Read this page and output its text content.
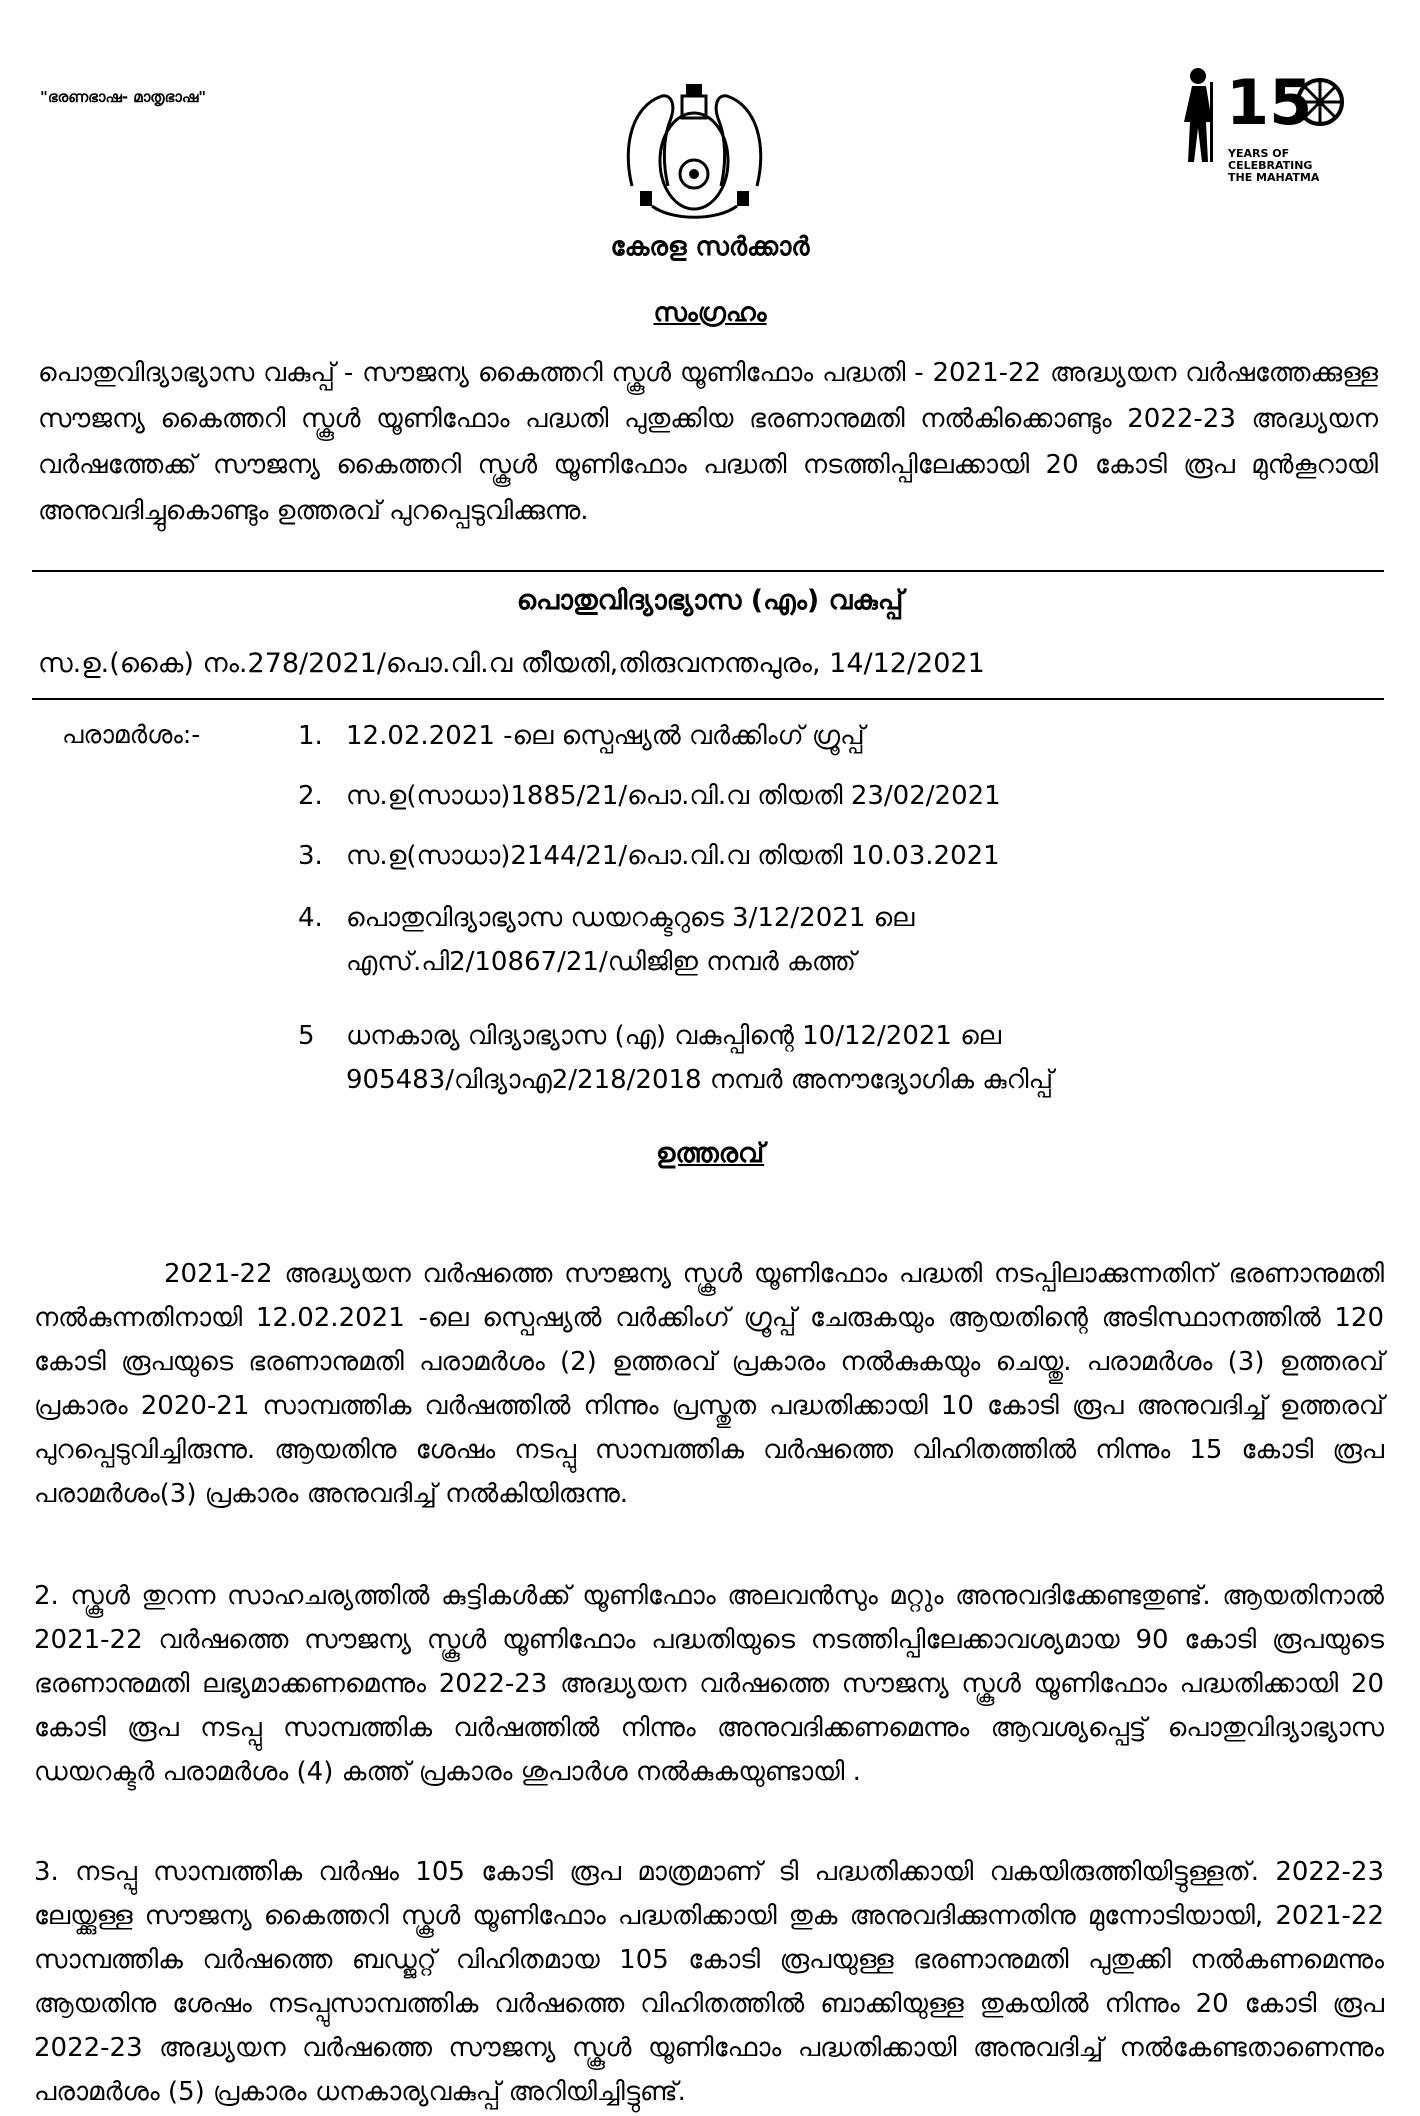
"ഭരണഭാഷ- മാതൃഭാഷ"	15
YEARS OF
CELEBRATING
THE MAHATMA
കേരള സർക്കാർ
സംഗ്രഹം
പൊതുവിദ്യാഭ്യാസ വകുപ്പ് - സൗജന്യ കൈത്തറി സ്കൂൾ യൂണിഫോം പദ്ധതി - 2021-22 അദ്ധ്യയന വർഷത്തേക്കുള്ള സൗജന്യ കൈത്തറി സ്കൂൾ യൂണിഫോം പദ്ധതി പുതുക്കിയ ഭരണാനുമതി നൽകിക്കൊണ്ടും 2022-23 അദ്ധ്യയന വർഷത്തേക്ക് സൗജന്യ കൈത്തറി സ്കൂൾ യൂണിഫോം പദ്ധതി നടത്തിപ്പിലേക്കായി 20 കോടി രൂപ മുൻകൂറായി അനുവദിച്ചുകൊണ്ടും ഉത്തരവ് പുറപ്പെടുവിക്കുന്നു.
പൊതുവിദ്യാഭ്യാസ (എം) വകുപ്പ്
സ.ഉ.(കൈ) നം.278/2021/പൊ.വി.വ തീയതി,തിരുവനന്തപുരം, 14/12/2021
പരാമർശം:-	1. 12.02.2021 -ലെ സ്പെഷ്യൽ വർക്കിംഗ് ഗ്രൂപ്പ്
2. സ.ഉ(സാധാ)1885/21/പൊ.വി.വ തിയതി 23/02/2021
3. സ.ഉ(സാധാ)2144/21/പൊ.വി.വ തിയതി 10.03.2021
4. പൊതുവിദ്യാഭ്യാസ ഡയറക്ടറുടെ 3/12/2021 ലെ
എസ്.പി2/10867/21/ഡിജിഇ നമ്പർ കത്ത്
5 ധനകാര്യ വിദ്യാഭ്യാസ (എ) വകുപ്പിന്റെ 10/12/2021 ലെ
905483/വിദ്യാഎ2/218/2018 നമ്പർ അനൗദ്യോഗിക കുറിപ്പ്
ഉത്തരവ്
2021-22 അദ്ധ്യയന വർഷത്തെ സൗജന്യ സ്കൂൾ യൂണിഫോം പദ്ധതി നടപ്പിലാക്കുന്നതിന് ഭരണാനുമതി നൽകുന്നതിനായി 12.02.2021 -ലെ സ്പെഷ്യൽ വർക്കിംഗ് ഗ്രൂപ്പ് ചേരുകയും ആയതിന്റെ അടിസ്ഥാനത്തിൽ 120 കോടി രൂപയുടെ ഭരണാനുമതി പരാമർശം (2) ഉത്തരവ് പ്രകാരം നൽകുകയും ചെയ്തു. പരാമർശം (3) ഉത്തരവ് പ്രകാരം 2020-21 സാമ്പത്തിക വർഷത്തിൽ നിന്നും പ്രസ്തുത പദ്ധതിക്കായി 10 കോടി രൂപ അനുവദിച്ച് ഉത്തരവ് പുറപ്പെടുവിച്ചിരുന്നു. ആയതിനു ശേഷം നടപ്പു സാമ്പത്തിക വർഷത്തെ വിഹിതത്തിൽ നിന്നും 15 കോടി രൂപ പരാമർശം(3) പ്രകാരം അനുവദിച്ച് നൽകിയിരുന്നു.
2. സ്കൂൾ തുറന്ന സാഹചര്യത്തിൽ കുട്ടികൾക്ക് യൂണിഫോം അലവൻസും മറ്റും അനുവദിക്കേണ്ടതുണ്ട്. ആയതിനാൽ 2021-22 വർഷത്തെ സൗജന്യ സ്കൂൾ യൂണിഫോം പദ്ധതിയുടെ നടത്തിപ്പിലേക്കാവശ്യമായ 90 കോടി രൂപയുടെ ഭരണാനുമതി ലഭ്യമാക്കണമെന്നും 2022-23 അദ്ധ്യയന വർഷത്തെ സൗജന്യ സ്കൂൾ യൂണിഫോം പദ്ധതിക്കായി 20 കോടി രൂപ നടപ്പു സാമ്പത്തിക വർഷത്തിൽ നിന്നും അനുവദിക്കണമെന്നും ആവശ്യപ്പെട്ട് പൊതുവിദ്യാഭ്യാസ ഡയറക്ടർ പരാമർശം (4) കത്ത് പ്രകാരം ശുപാർശ നൽകുകയുണ്ടായി .
3. നടപ്പു സാമ്പത്തിക വർഷം 105 കോടി രൂപ മാത്രമാണ് ടി പദ്ധതിക്കായി വകയിരുത്തിയിട്ടുള്ളത്. 2022-23 ലേയ്ക്കുള്ള സൗജന്യ കൈത്തറി സ്കൂൾ യൂണിഫോം പദ്ധതിക്കായി തുക അനുവദിക്കുന്നതിനു മുന്നോടിയായി, 2021-22 സാമ്പത്തിക വർഷത്തെ ബഡ്ജറ്റ് വിഹിതമായ 105 കോടി രൂപയുള്ള ഭരണാനുമതി പുതുക്കി നൽകണമെന്നും ആയതിനു ശേഷം നടപ്പുസാമ്പത്തിക വർഷത്തെ വിഹിതത്തിൽ ബാക്കിയുള്ള തുകയിൽ നിന്നും 20 കോടി രൂപ 2022-23 അദ്ധ്യയന വർഷത്തെ സൗജന്യ സ്കൂൾ യൂണിഫോം പദ്ധതിക്കായി അനുവദിച്ച് നൽകേണ്ടതാണെന്നും പരാമർശം (5) പ്രകാരം ധനകാര്യവകുപ്പ് അറിയിച്ചിട്ടുണ്ട്.
